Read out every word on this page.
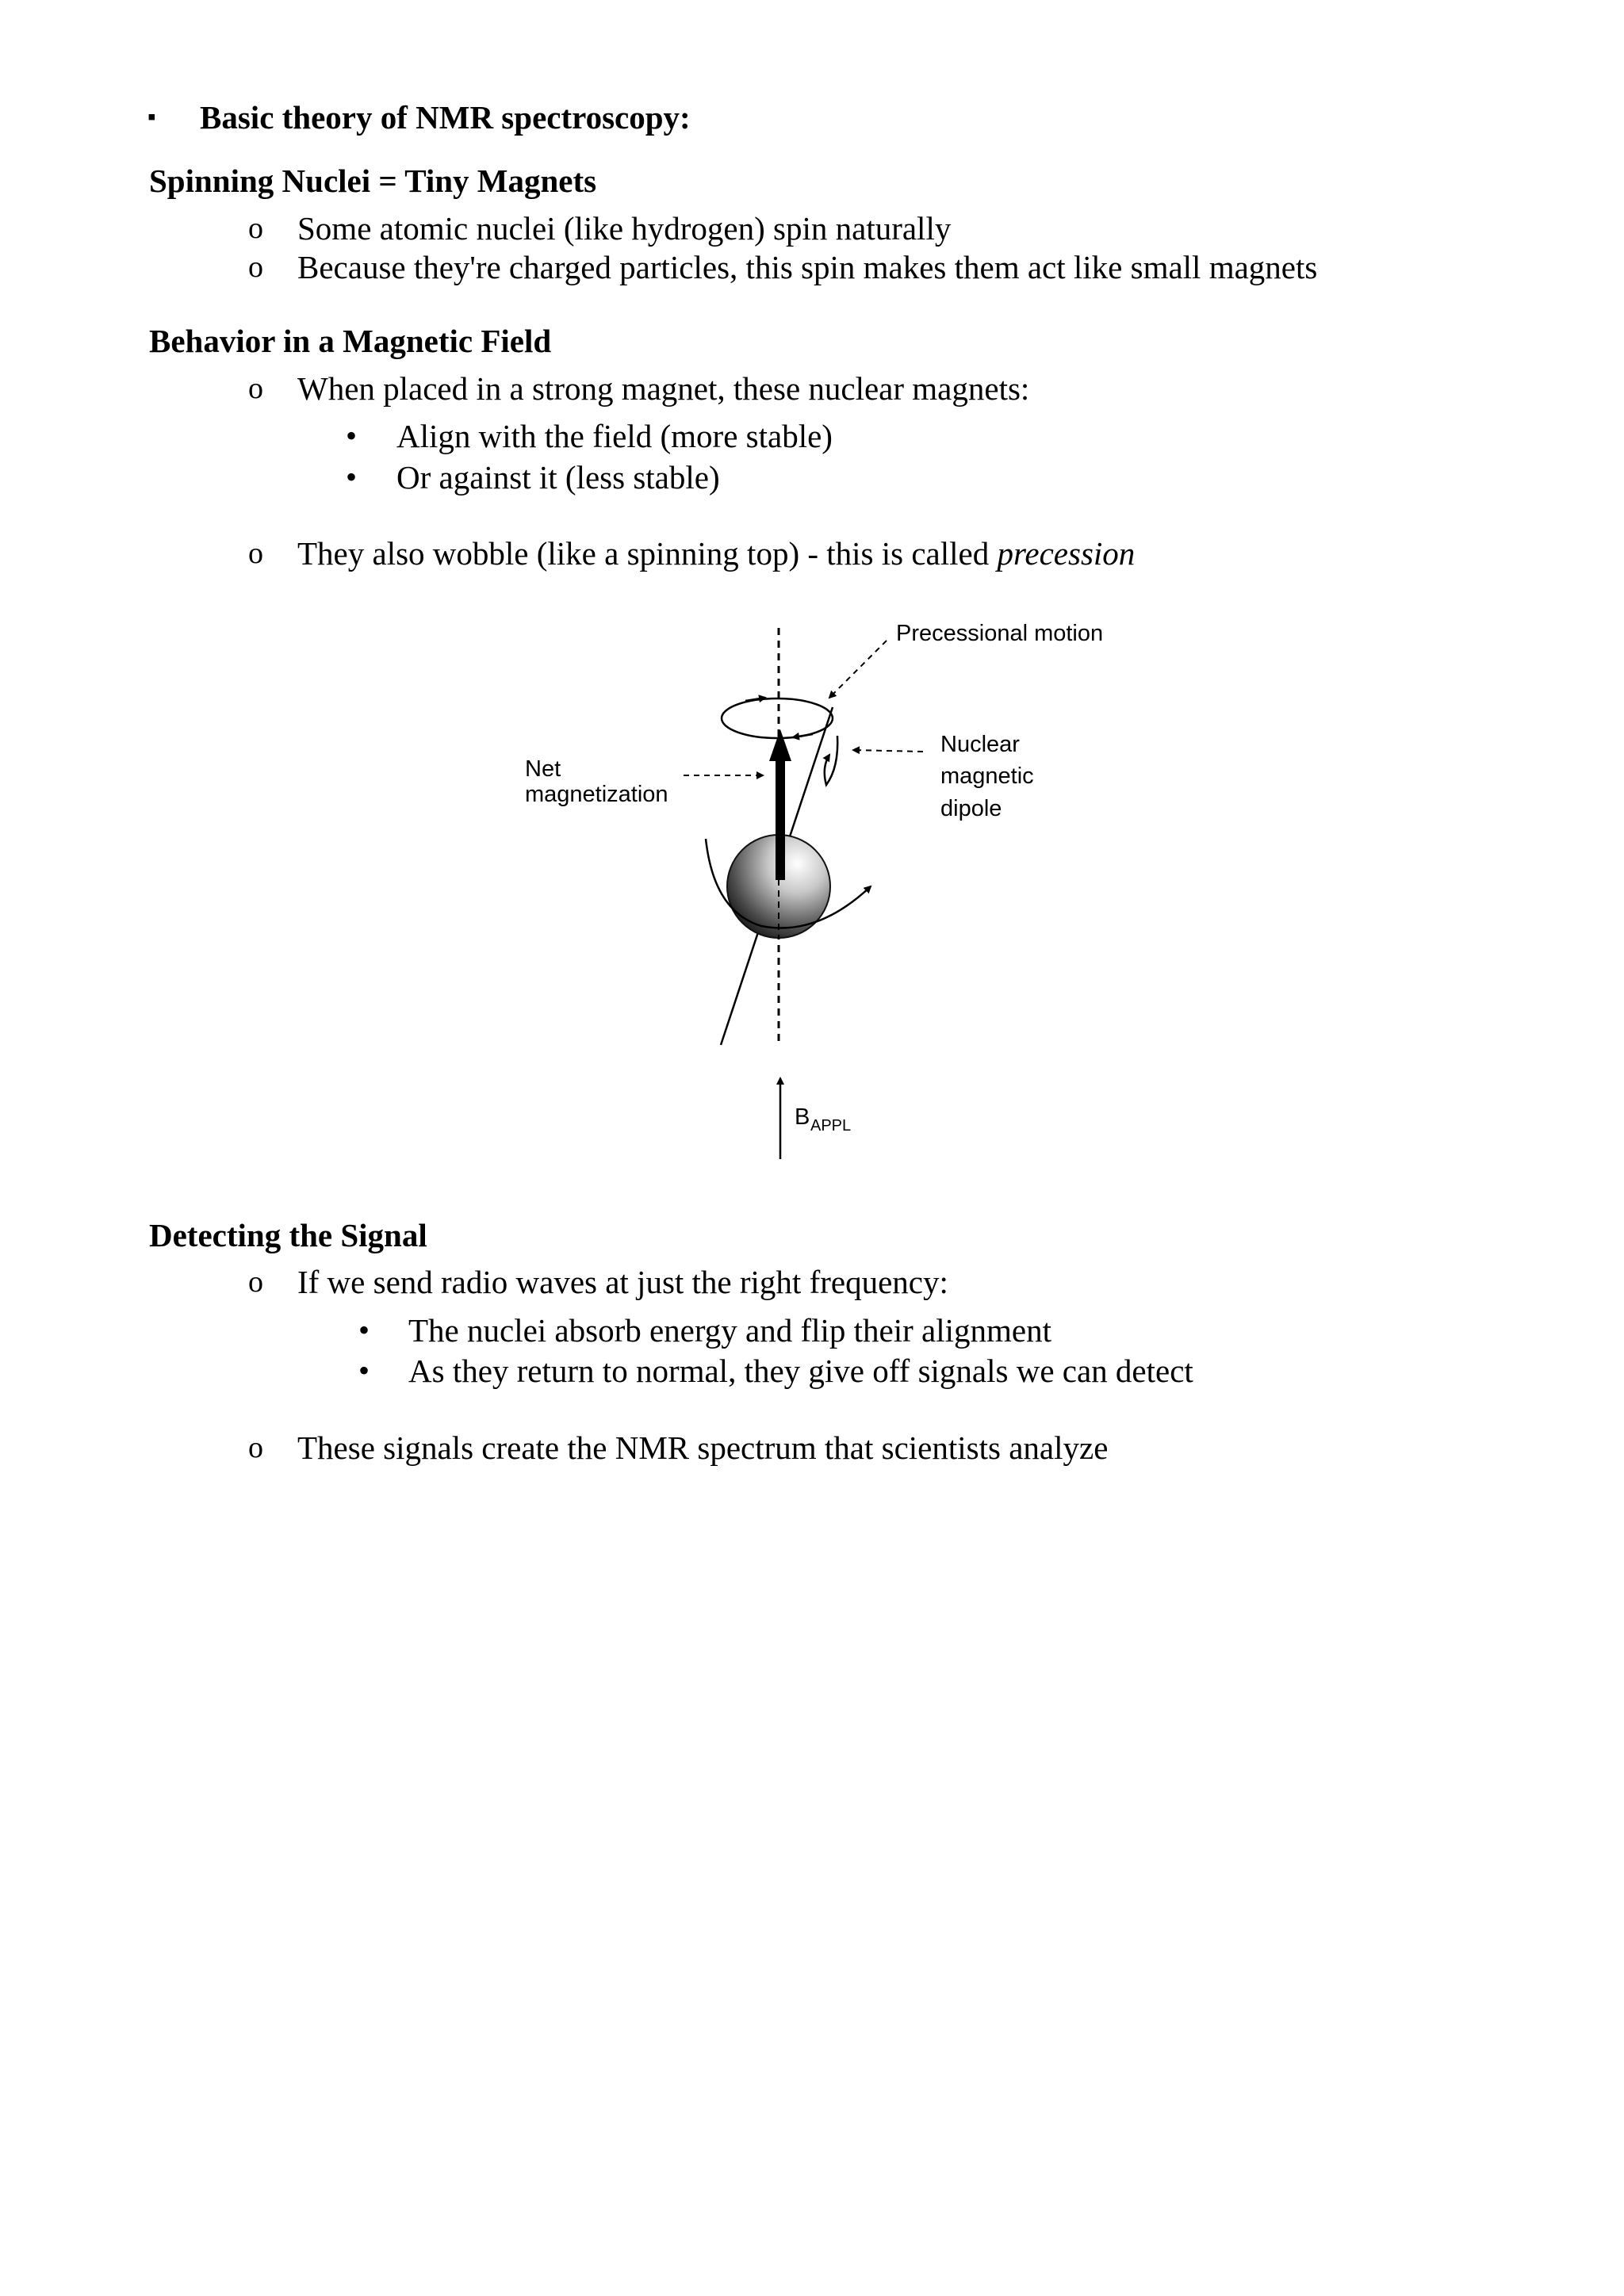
▪ Basic theory of NMR spectroscopy:
Spinning Nuclei = Tiny Magnets
o Some atomic nuclei (like hydrogen) spin naturally
o Because they're charged particles, this spin makes them act like small magnets
Behavior in a Magnetic Field
o When placed in a strong magnet, these nuclear magnets:
• Align with the field (more stable)
• Or against it (less stable)
o They also wobble (like a spinning top) - this is called precession
Precessional motion
Net
magnetization
Nuclear
magnetic
dipole
B APPL
Detecting the Signal
o If we send radio waves at just the right frequency:
• The nuclei absorb energy and flip their alignment
• As they return to normal, they give off signals we can detect
o These signals create the NMR spectrum that scientists analyze
